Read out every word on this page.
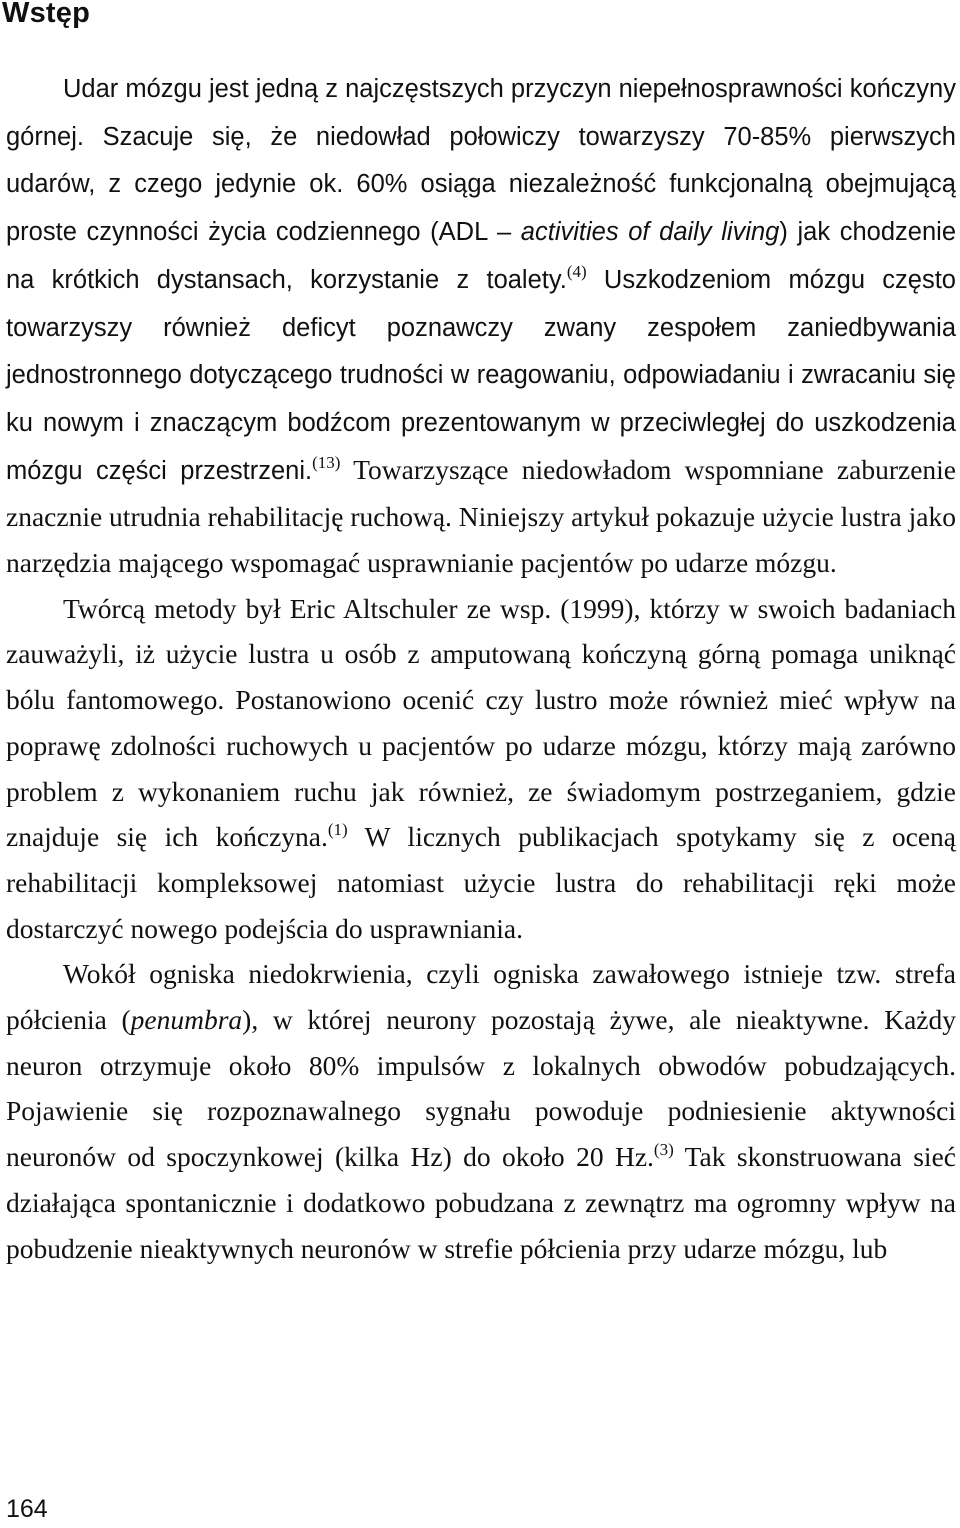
Wstęp

Udar mózgu jest jedną z najczęstszych przyczyn niepełnosprawności kończyny górnej. Szacuje się, że niedowład połowiczy towarzyszy 70-85% pierwszych udarów, z czego jedynie ok. 60% osiąga niezależność funkcjonalną obejmującą proste czynności życia codziennego (ADL – activities of daily living) jak chodzenie na krótkich dystansach, korzystanie z toalety.$^{(4)}$ Uszkodzeniom mózgu często towarzyszy również deficyt poznawczy zwany zespołem zaniedbywania jednostronnego dotyczącego trudności w reagowaniu, odpowiadaniu i zwracaniu się ku nowym i znaczącym bodźcom prezentowanym w przeciwległej do uszkodzenia mózgu części przestrzeni.$^{(13)}$ Towarzyszące niedowładom wspomniane zaburzenie znacznie utrudnia rehabilitację ruchową. Niniejszy artykuł pokazuje użycie lustra jako narzędzia mającego wspomagać usprawnianie pacjentów po udarze mózgu.

Twórcą metody był Eric Altschuler ze wsp. (1999), którzy w swoich badaniach zauważyli, iż użycie lustra u osób z amputowaną kończyną górną pomaga uniknąć bólu fantomowego. Postanowiono ocenić czy lustro może również mieć wpływ na poprawę zdolności ruchowych u pacjentów po udarze mózgu, którzy mają zarówno problem z wykonaniem ruchu jak również, ze świadomym postrzeganiem, gdzie znajduje się ich kończyna.$^{(1)}$ W licznych publikacjach spotykamy się z oceną rehabilitacji kompleksowej natomiast użycie lustra do rehabilitacji ręki może dostarczyć nowego podejścia do usprawniania.

Wokół ogniska niedokrwienia, czyli ogniska zawałowego istnieje tzw. strefa półcienia (penumbra), w której neurony pozostają żywe, ale nieaktywne. Każdy neuron otrzymuje około 80% impulsów z lokalnych obwodów pobudzających. Pojawienie się rozpoznawalnego sygnału powoduje podniesienie aktywności neuronów od spoczynkowej (kilka Hz) do około 20 Hz.$^{(3)}$ Tak skonstruowana sieć działająca spontanicznie i dodatkowo pobudzana z zewnątrz ma ogromny wpływ na pobudzenie nieaktywnych neuronów w strefie półcienia przy udarze mózgu, lub

164
